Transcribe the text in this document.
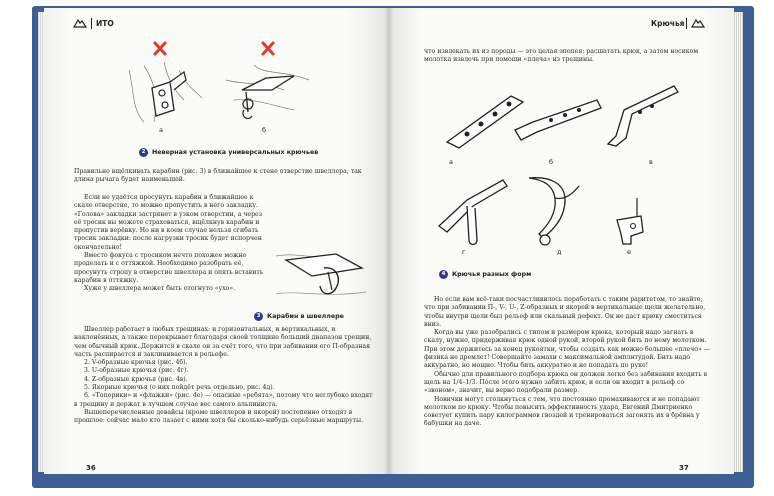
ИТО
а	б
2	Неверная установка универсальных крючьев

Правильно вщёлкивать карабин (рис. 3) в ближайшее к стене отверстие швеллера, так длина рычага будет наименьшей.

Если не удаётся просунуть карабин в ближайшее к скале отверстие, то можно пропустить в него закладку. «Голова» закладки застрянет в узком отверстии, а через её тросик вы можете страховаться, вщёлкнув карабин и пропустив верёвку. Но ни в коем случае нельзя сгибать тросик закладки: после нагрузки тросик будет испорчен окончательно!

Вместо фокуса с тросиком нечто похожее можно проделать и с оттяжкой. Необходимо разобрать её, просунуть стропу в отверстие швеллера и опять вставить карабин в оттяжку.

Хуже у швеллера может быть отогнуто «ухо».

3	Карабин в швеллере

Швеллер работает в любых трещинах: и горизонтальных, и вертикальных, и наклонённых, а также перекрывает благодаря своей толщине больший диапазон трещин, чем обычный крюк. Держится в скале он за счёт того, что при забивании его П-образная часть распирается и заклинивается в рельефе.

2. V-образные крючья (рис. 4б).

3. U-образные крючья (рис. 4г).

4. Z-образные крючья (рис. 4в).

5. Якорные крючья (о них пойдёт речь отдельно, рис. 4д).

6. «Топорики» и «флажки» (рис. 4е) — опасные «ребята», потому что неглубоко входят в трещину и держат в лучшем случае вес самого альпиниста.

Вышеперечисленные девайсы (кроме швеллеров и якорей) постепенно отходят в прошлое: сейчас мало кто лазает с ними хотя бы сколько-нибудь серьёзные маршруты.

36
Крючья

что извлекать их из породы — это целая эпопея: расшатать крюк, а затем носиком молотка извлечь при помощи «плеча» из трещины.

а	б	в
г	д	е
4	Крючья разных форм

Но если вам всё-таки посчастливилось поработать с таким раритетом, то знайте, что при забивании П-, V-, U-, Z-образных и якорей в вертикальные щели желательно, чтобы внутри щели был рельеф или скальный дефект. Он не даст крюку сместиться вниз.

Когда вы уже разобрались с типом и размером крюка, который надо загнать в скалу, нужно, придерживая крюк одной рукой, второй рукой бить по нему молотком. При этом держитесь за конец рукоятки, чтобы создать как можно большее «плечо» — физика не дремлет! Совершайте замахи с максимальной амплитудой. Бить надо аккуратно, но мощно. Чтобы бить аккуратно и не попадать по руке!

Обычно для правильного подбора крюка он должен легко без забивания входить в щель на 1/4–1/3. После этого нужно забить крюк, и если он входит в рельеф со «звоном», значит, вы верно подобрали размер.

Новички могут столкнуться с тем, что постоянно промахиваются и не попадают молотком по крюку. Чтобы повысить эффективность удара, Евгений Дмитриенко советует купить пару килограммов гвоздей и тренироваться загонять их в брёвна у бабушки на даче.

37
